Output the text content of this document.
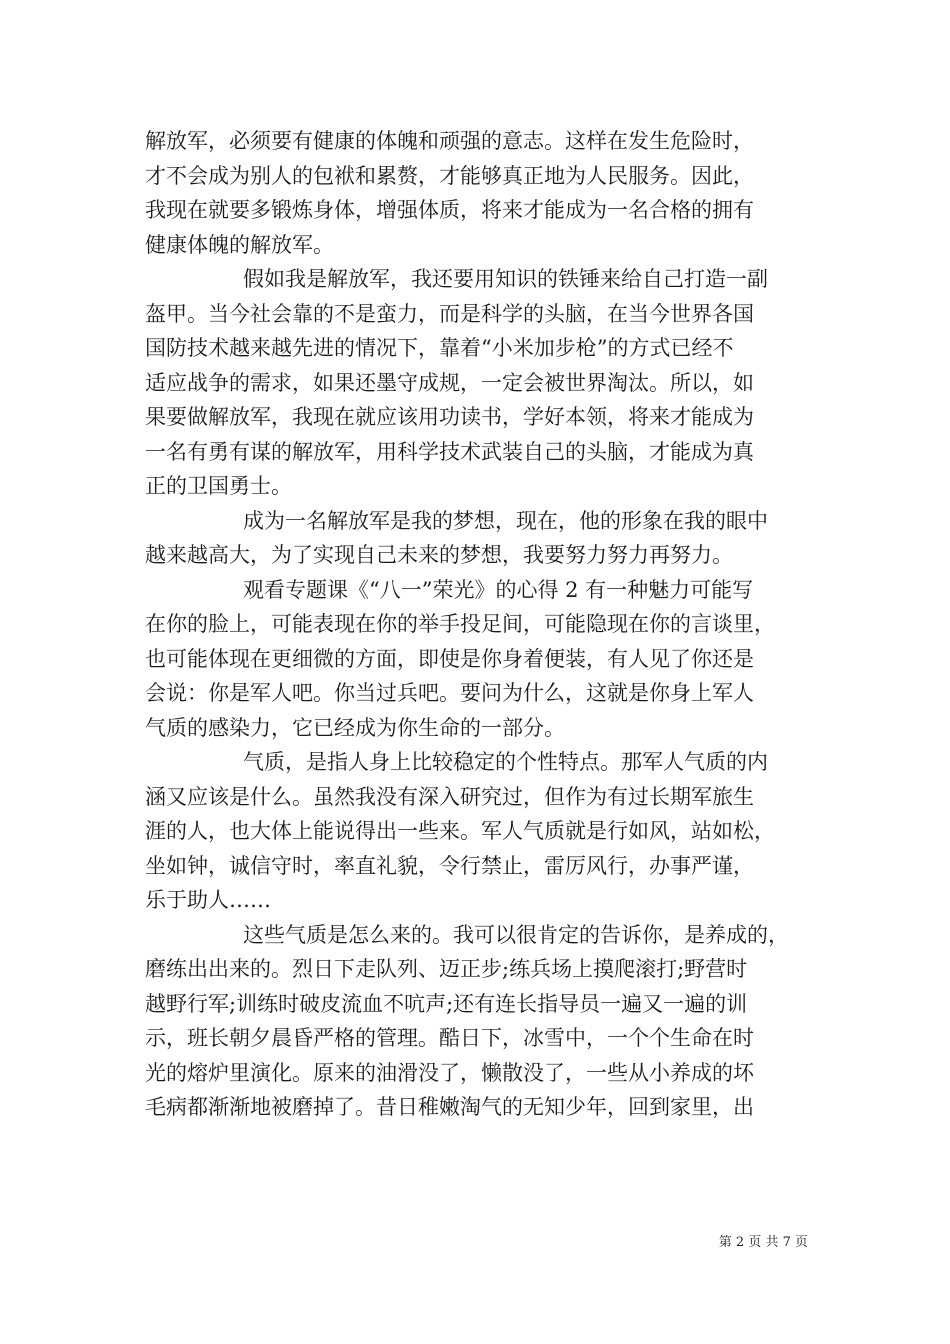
解放军，必须要有健康的体魄和顽强的意志。这样在发生危险时，
才不会成为别人的包袱和累赘，才能够真正地为人民服务。因此，
我现在就要多锻炼身体，增强体质，将来才能成为一名合格的拥有
健康体魄的解放军。
假如我是解放军，我还要用知识的铁锤来给自己打造一副
盔甲。当今社会靠的不是蛮力，而是科学的头脑，在当今世界各国
国防技术越来越先进的情况下，靠着“小米加步枪”的方式已经不
适应战争的需求，如果还墨守成规，一定会被世界淘汰。所以，如
果要做解放军，我现在就应该用功读书，学好本领，将来才能成为
一名有勇有谋的解放军，用科学技术武装自己的头脑，才能成为真
正的卫国勇士。
成为一名解放军是我的梦想，现在，他的形象在我的眼中
越来越高大，为了实现自己未来的梦想，我要努力努力再努力。
观看专题课《“八一”荣光》的心得 2 有一种魅力可能写
在你的脸上，可能表现在你的举手投足间，可能隐现在你的言谈里，
也可能体现在更细微的方面，即使是你身着便装，有人见了你还是
会说：你是军人吧。你当过兵吧。要问为什么，这就是你身上军人
气质的感染力，它已经成为你生命的一部分。
气质，是指人身上比较稳定的个性特点。那军人气质的内
涵又应该是什么。虽然我没有深入研究过，但作为有过长期军旅生
涯的人，也大体上能说得出一些来。军人气质就是行如风，站如松，
坐如钟，诚信守时，率直礼貌，令行禁止，雷厉风行，办事严谨，
乐于助人……
这些气质是怎么来的。我可以很肯定的告诉你，是养成的，
磨练出出来的。烈日下走队列、迈正步;练兵场上摸爬滚打;野营时
越野行军;训练时破皮流血不吭声;还有连长指导员一遍又一遍的训
示，班长朝夕晨昏严格的管理。酷日下，冰雪中，一个个生命在时
光的熔炉里演化。原来的油滑没了，懒散没了，一些从小养成的坏
毛病都渐渐地被磨掉了。昔日稚嫩淘气的无知少年，回到家里，出
第 2 页 共 7 页
